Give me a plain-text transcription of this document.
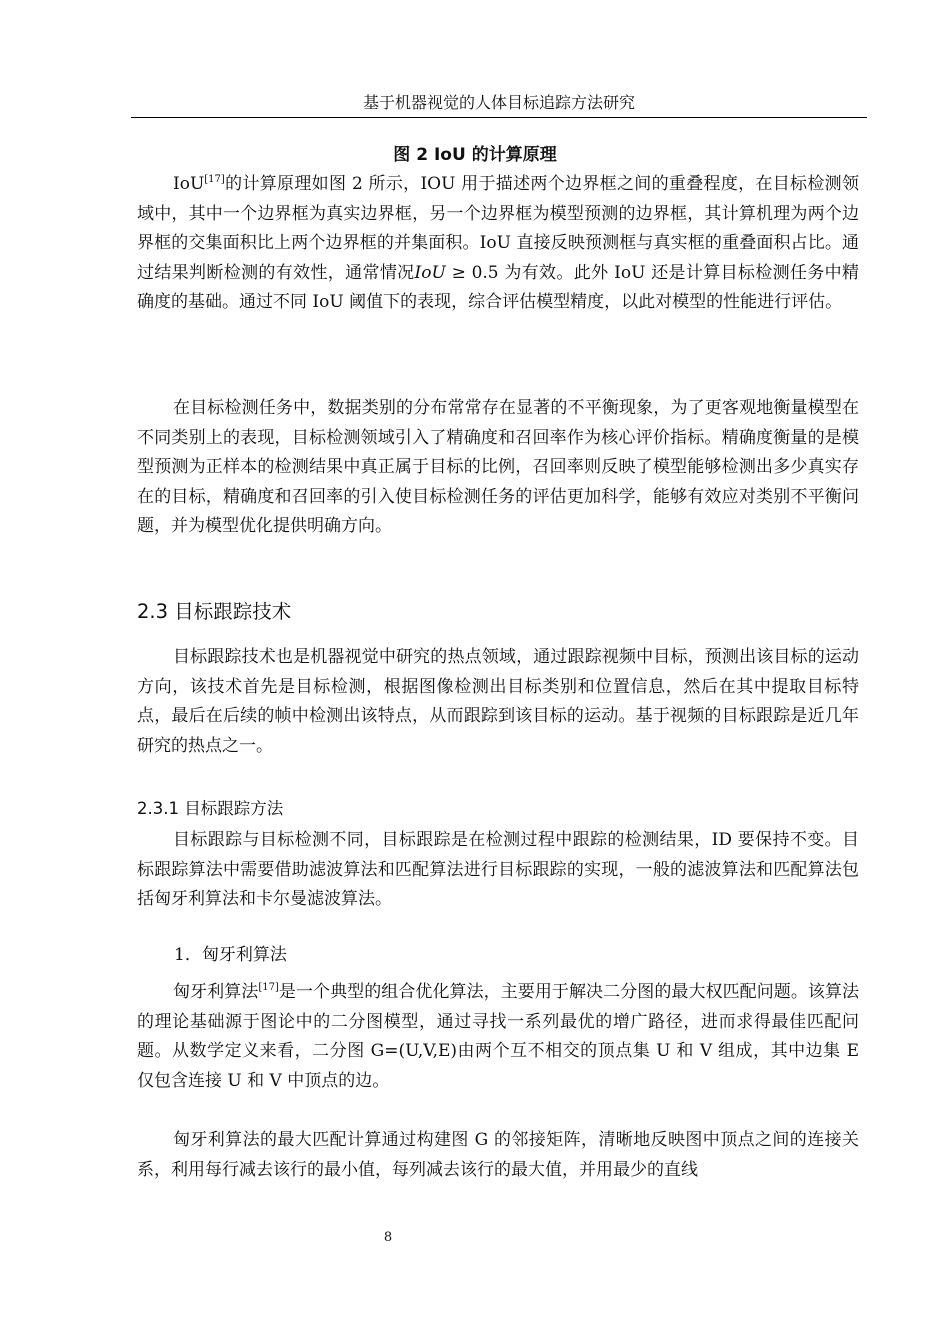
基于机器视觉的人体目标追踪方法研究
图 2 IoU 的计算原理

IoU[17]的计算原理如图 2 所示，IOU 用于描述两个边界框之间的重叠程度，在目标检测领域中，其中一个边界框为真实边界框，另一个边界框为模型预测的边界框，其计算机理为两个边界框的交集面积比上两个边界框的并集面积。IoU 直接反映预测框与真实框的重叠面积占比。通过结果判断检测的有效性，通常情况IoU ≥ 0.5 为有效。此外 IoU 还是计算目标检测任务中精确度的基础。通过不同 IoU 阈值下的表现，综合评估模型精度，以此对模型的性能进行评估。

在目标检测任务中，数据类别的分布常常存在显著的不平衡现象，为了更客观地衡量模型在不同类别上的表现，目标检测领域引入了精确度和召回率作为核心评价指标。精确度衡量的是模型预测为正样本的检测结果中真正属于目标的比例，召回率则反映了模型能够检测出多少真实存在的目标，精确度和召回率的引入使目标检测任务的评估更加科学，能够有效应对类别不平衡问题，并为模型优化提供明确方向。

2.3 目标跟踪技术

目标跟踪技术也是机器视觉中研究的热点领域，通过跟踪视频中目标，预测出该目标的运动方向，该技术首先是目标检测，根据图像检测出目标类别和位置信息，然后在其中提取目标特点，最后在后续的帧中检测出该特点，从而跟踪到该目标的运动。基于视频的目标跟踪是近几年研究的热点之一。

2.3.1 目标跟踪方法

目标跟踪与目标检测不同，目标跟踪是在检测过程中跟踪的检测结果，ID 要保持不变。目标跟踪算法中需要借助滤波算法和匹配算法进行目标跟踪的实现，一般的滤波算法和匹配算法包括匈牙利算法和卡尔曼滤波算法。

1．匈牙利算法

匈牙利算法[17]是一个典型的组合优化算法，主要用于解决二分图的最大权匹配问题。该算法的理论基础源于图论中的二分图模型，通过寻找一系列最优的增广路径，进而求得最佳匹配问题。从数学定义来看，二分图 G=(U,V,E)由两个互不相交的顶点集 U 和 V 组成，其中边集 E 仅包含连接 U 和 V 中顶点的边。

匈牙利算法的最大匹配计算通过构建图 G 的邻接矩阵，清晰地反映图中顶点之间的连接关系，利用每行减去该行的最小值，每列减去该行的最大值，并用最少的直线

8
